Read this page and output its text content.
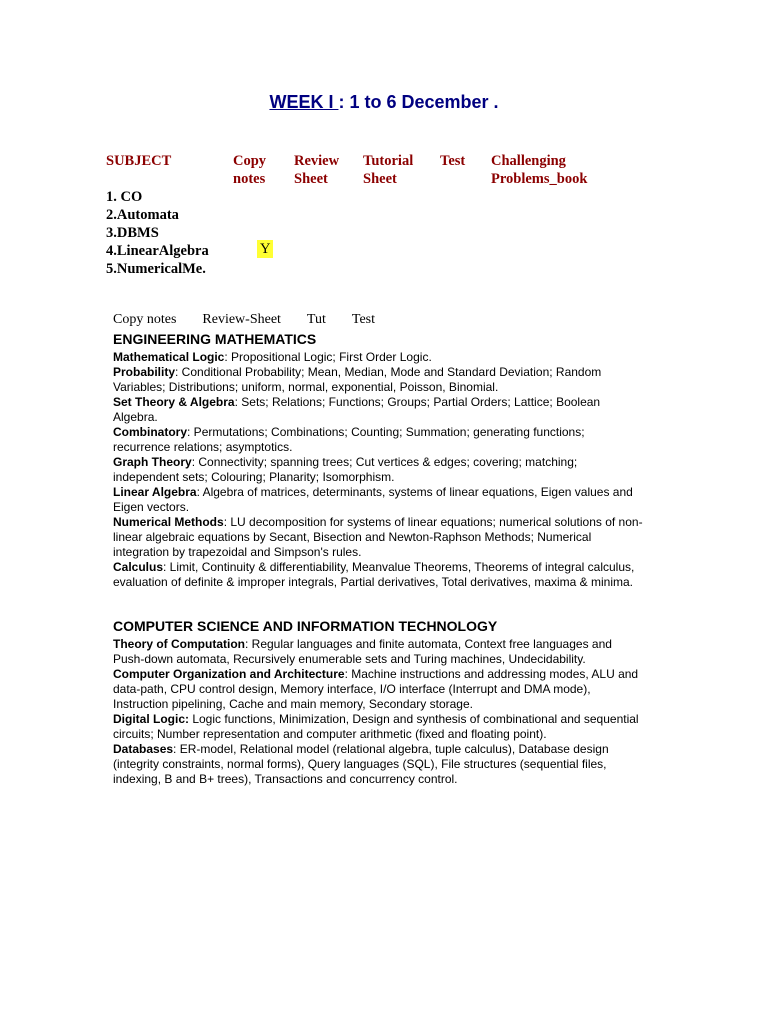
WEEK I : 1 to 6 December .
SUBJECT	Copy
notes
Review
Sheet
Tutorial
Sheet
Test Challenging
Problems_book
1. CO
2.Automata
3.DBMS
4.LinearAlgebra
5.NumericalMe.
Y
Copy notes Review-Sheet Tut Test
ENGINEERING MATHEMATICS

Mathematical Logic: Propositional Logic; First Order Logic.

Probability: Conditional Probability; Mean, Median, Mode and Standard Deviation; Random Variables; Distributions; uniform, normal, exponential, Poisson, Binomial.

Set Theory & Algebra: Sets; Relations; Functions; Groups; Partial Orders; Lattice; Boolean Algebra.

Combinatory: Permutations; Combinations; Counting; Summation; generating functions; recurrence relations; asymptotics.

Graph Theory: Connectivity; spanning trees; Cut vertices & edges; covering; matching; independent sets; Colouring; Planarity; Isomorphism.

Linear Algebra: Algebra of matrices, determinants, systems of linear equations, Eigen values and Eigen vectors.

Numerical Methods: LU decomposition for systems of linear equations; numerical solutions of non-linear algebraic equations by Secant, Bisection and Newton-Raphson Methods; Numerical integration by trapezoidal and Simpson's rules.

Calculus: Limit, Continuity & differentiability, Meanvalue Theorems, Theorems of integral calculus, evaluation of definite & improper integrals, Partial derivatives, Total derivatives, maxima & minima.

COMPUTER SCIENCE AND INFORMATION TECHNOLOGY

Theory of Computation: Regular languages and finite automata, Context free languages and Push-down automata, Recursively enumerable sets and Turing machines, Undecidability.

Computer Organization and Architecture: Machine instructions and addressing modes, ALU and data-path, CPU control design, Memory interface, I/O interface (Interrupt and DMA mode), Instruction pipelining, Cache and main memory, Secondary storage.

Digital Logic: Logic functions, Minimization, Design and synthesis of combinational and sequential circuits; Number representation and computer arithmetic (fixed and floating point).

Databases: ER-model, Relational model (relational algebra, tuple calculus), Database design (integrity constraints, normal forms), Query languages (SQL), File structures (sequential files, indexing, B and B+ trees), Transactions and concurrency control.
